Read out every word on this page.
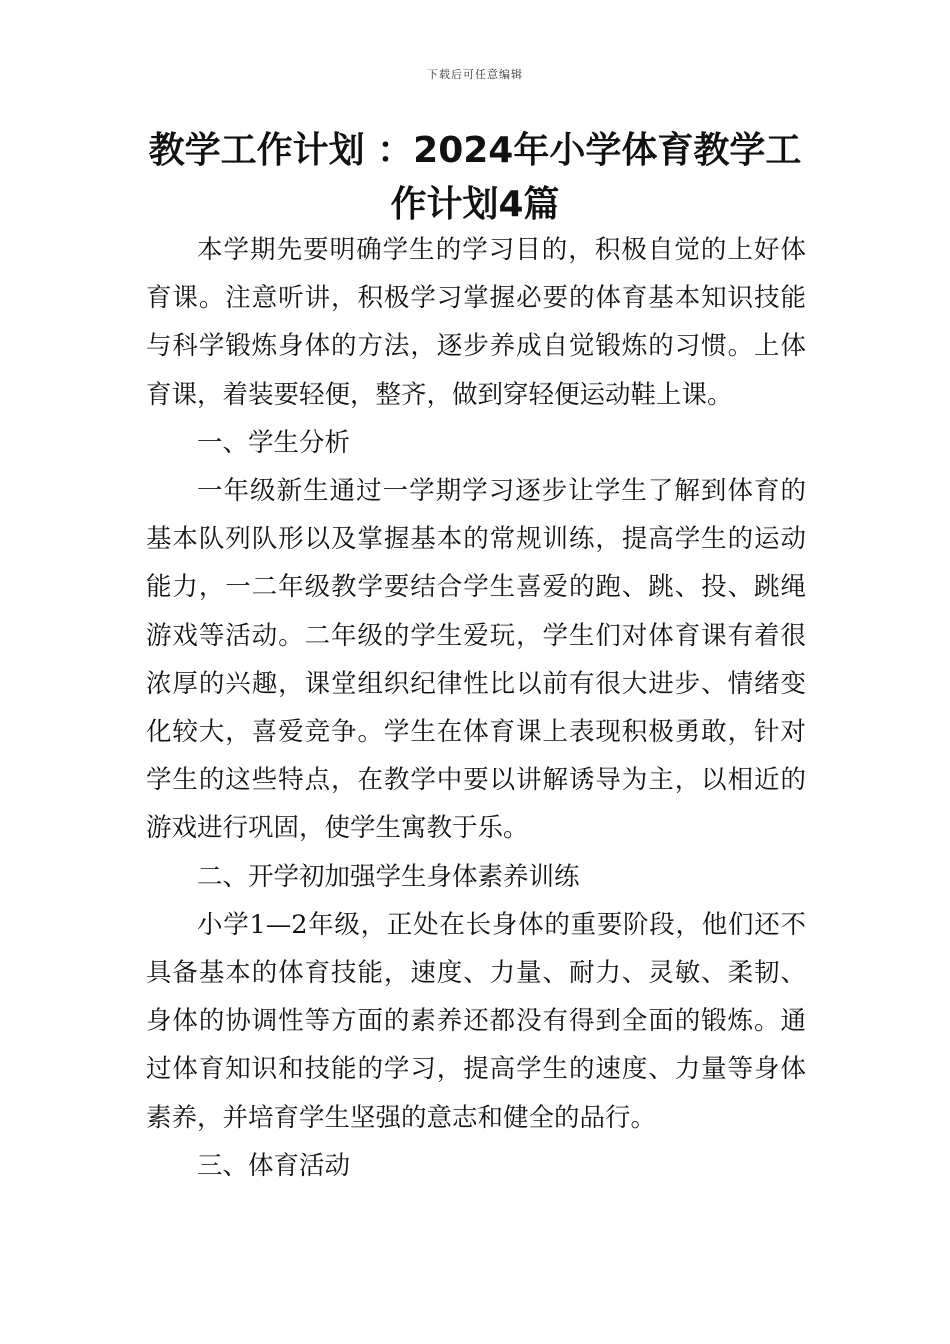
下载后可任意编辑
教学工作计划 ：2024年小学体育教学工作计划4篇

本学期先要明确学生的学习目的，积极自觉的上好体育课。注意听讲，积极学习掌握必要的体育基本知识技能与科学锻炼身体的方法，逐步养成自觉锻炼的习惯。上体育课，着装要轻便，整齐，做到穿轻便运动鞋上课。

一、学生分析

一年级新生通过一学期学习逐步让学生了解到体育的基本队列队形以及掌握基本的常规训练，提高学生的运动能力，一二年级教学要结合学生喜爱的跑、跳、投、跳绳游戏等活动。二年级的学生爱玩，学生们对体育课有着很浓厚的兴趣，课堂组织纪律性比以前有很大进步、情绪变化较大，喜爱竞争。学生在体育课上表现积极勇敢，针对学生的这些特点，在教学中要以讲解诱导为主，以相近的游戏进行巩固，使学生寓教于乐。

二、开学初加强学生身体素养训练

小学1—2年级，正处在长身体的重要阶段，他们还不具备基本的体育技能，速度、力量、耐力、灵敏、柔韧、身体的协调性等方面的素养还都没有得到全面的锻炼。通过体育知识和技能的学习，提高学生的速度、力量等身体素养，并培育学生坚强的意志和健全的品行。

三、体育活动
